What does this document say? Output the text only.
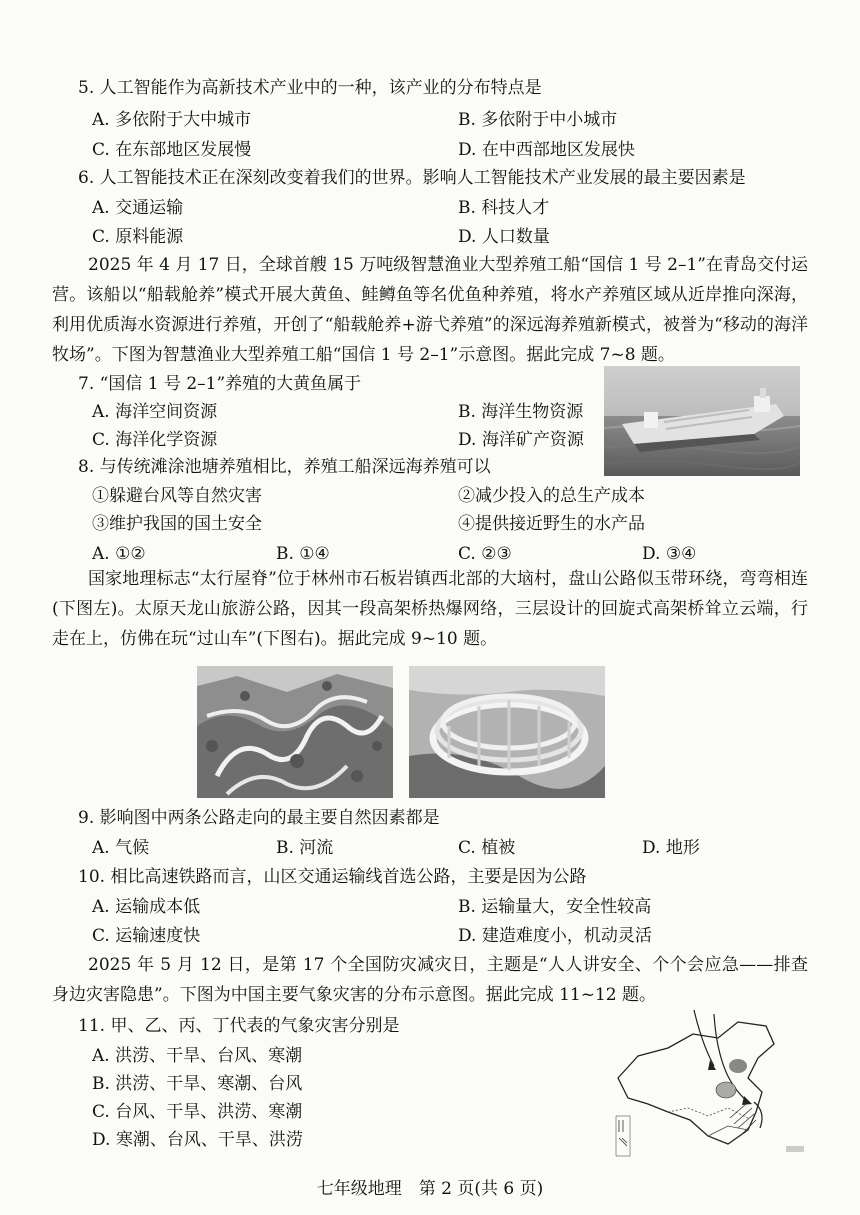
5. 人工智能作为高新技术产业中的一种，该产业的分布特点是
A. 多依附于大中城市	B. 多依附于中小城市
C. 在东部地区发展慢	D. 在中西部地区发展快
6. 人工智能技术正在深刻改变着我们的世界。影响人工智能技术产业发展的最主要因素是
A. 交通运输	B. 科技人才
C. 原料能源	D. 人口数量
2025 年 4 月 17 日，全球首艘 15 万吨级智慧渔业大型养殖工船“国信 1 号 2–1”在青岛交付运营。该船以“船载舱养”模式开展大黄鱼、鲑鳟鱼等名优鱼种养殖，将水产养殖区域从近岸推向深海，利用优质海水资源进行养殖，开创了“船载舱养+游弋养殖”的深远海养殖新模式，被誉为“移动的海洋牧场”。下图为智慧渔业大型养殖工船“国信 1 号 2–1”示意图。据此完成 7~8 题。
7. “国信 1 号 2–1”养殖的大黄鱼属于
A. 海洋空间资源	B. 海洋生物资源
C. 海洋化学资源	D. 海洋矿产资源
8. 与传统滩涂池塘养殖相比，养殖工船深远海养殖可以
①躲避台风等自然灾害	②减少投入的总生产成本
③维护我国的国土安全	④提供接近野生的水产品
A. ①②	B. ①④	C. ②③	D. ③④
国家地理标志“太行屋脊”位于林州市石板岩镇西北部的大垴村，盘山公路似玉带环绕，弯弯相连(下图左)。太原天龙山旅游公路，因其一段高架桥热爆网络，三层设计的回旋式高架桥耸立云端，行走在上，仿佛在玩“过山车”(下图右)。据此完成 9~10 题。
9. 影响图中两条公路走向的最主要自然因素都是
A. 气候	B. 河流	C. 植被	D. 地形
10. 相比高速铁路而言，山区交通运输线首选公路，主要是因为公路
A. 运输成本低	B. 运输量大，安全性较高
C. 运输速度快	D. 建造难度小，机动灵活
2025 年 5 月 12 日，是第 17 个全国防灾减灾日，主题是“人人讲安全、个个会应急——排查身边灾害隐患”。下图为中国主要气象灾害的分布示意图。据此完成 11~12 题。
11. 甲、乙、丙、丁代表的气象灾害分别是
A. 洪涝、干旱、台风、寒潮
B. 洪涝、干旱、寒潮、台风
C. 台风、干旱、洪涝、寒潮
D. 寒潮、台风、干旱、洪涝
七年级地理　第 2 页(共 6 页)
